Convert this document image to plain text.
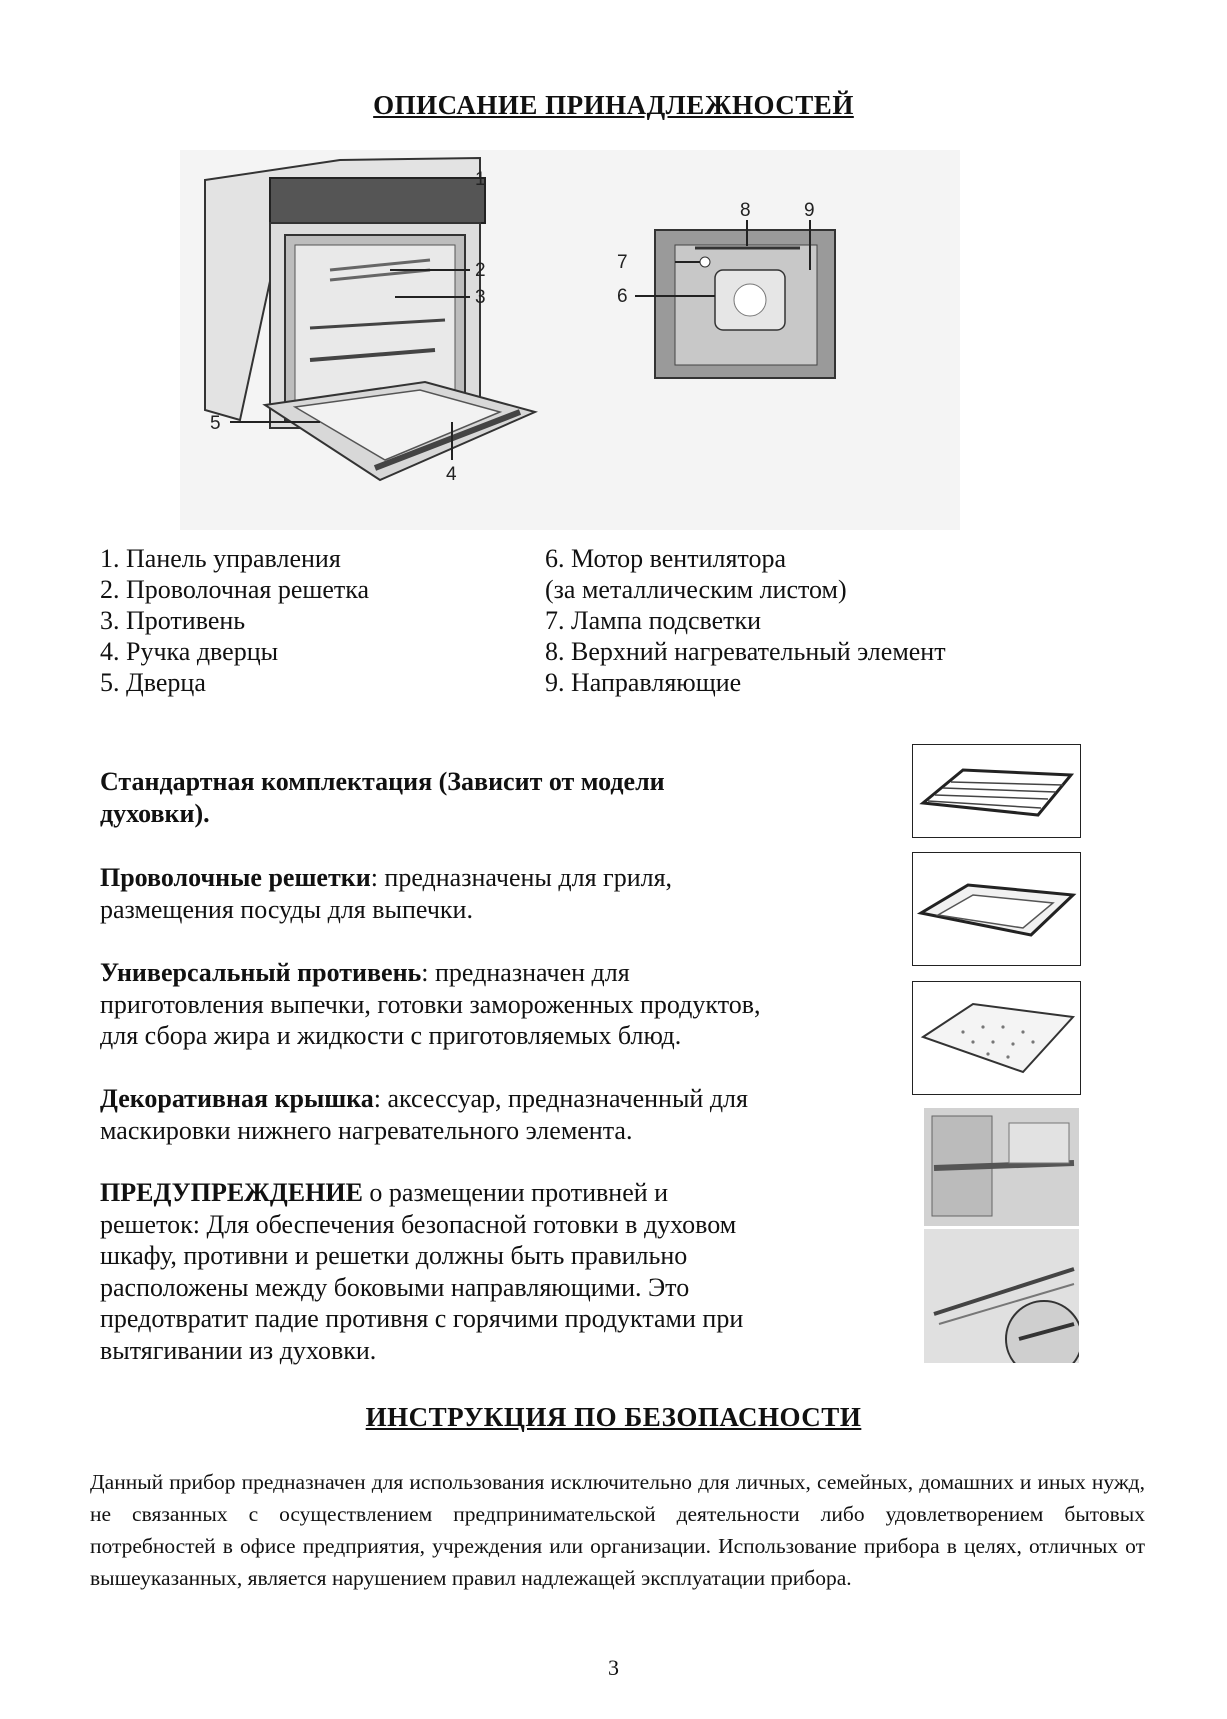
ОПИСАНИЕ ПРИНАДЛЕЖНОСТЕЙ
1
2
3
4
5
7
6
8	9
1. Панель управления
2. Проволочная решетка
3. Противень
4. Ручка дверцы
5. Дверца
6. Мотор вентилятора
(за металлическим листом)
7. Лампа подсветки
8. Верхний нагревательный элемент
9. Направляющие
Стандартная комплектация (Зависит от модели
духовки).
Проволочные решетки: предназначены для гриля,
размещения посуды для выпечки.
Универсальный противень: предназначен для
приготовления выпечки, готовки замороженных продуктов,
для сбора жира и жидкости с приготовляемых блюд.
Декоративная крышка: аксессуар, предназначенный для
маскировки нижнего нагревательного элемента.
ПРЕДУПРЕЖДЕНИЕ о размещении противней и
решеток: Для обеспечения безопасной готовки в духовом
шкафу, противни и решетки должны быть правильно
расположены между боковыми направляющими. Это
предотвратит падие противня с горячими продуктами при
вытягивании из духовки.
ИНСТРУКЦИЯ ПО БЕЗОПАСНОСТИ
Данный прибор предназначен для использования исключительно для личных, семейных, домашних и иных нужд, не связанных с осуществлением предпринимательской деятельности либо удовлетворением бытовых потребностей в офисе предприятия, учреждения или организации. Использование прибора в целях, отличных от вышеуказанных, является нарушением правил надлежащей эксплуатации прибора.
3
